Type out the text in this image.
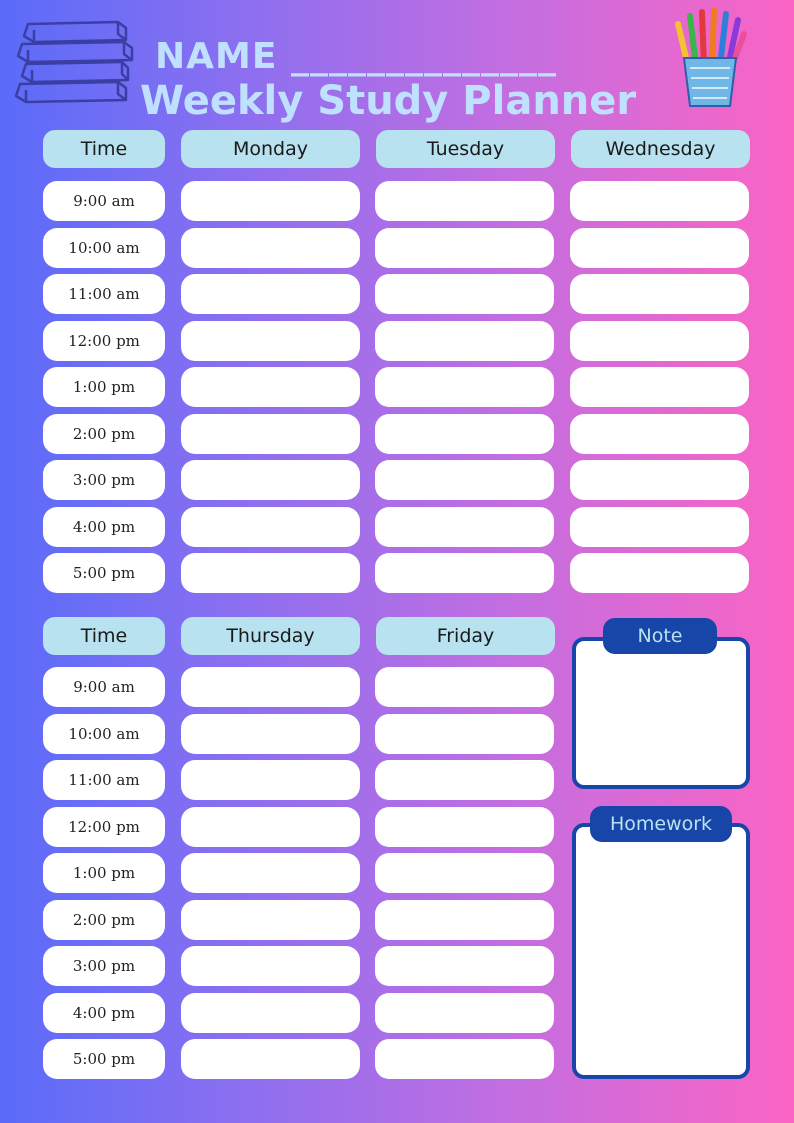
NAME ______________
Weekly Study Planner
Time	Monday	Tuesday	Wednesday
9:00 am
10:00 am
11:00 am
12:00 pm
1:00 pm
2:00 pm
3:00 pm
4:00 pm
5:00 pm
Time	Thursday	Friday
9:00 am
10:00 am
11:00 am
12:00 pm
1:00 pm
2:00 pm
3:00 pm
4:00 pm
5:00 pm
Note
Homework
